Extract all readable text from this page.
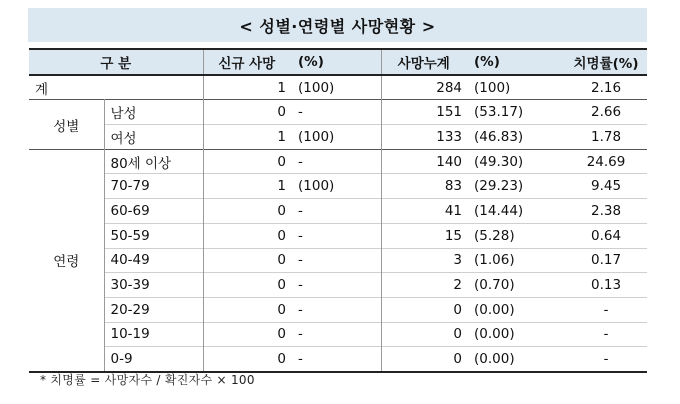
< 성별·연령별 사망현황 >
구 분		신규 사망	(%)	사망누계	(%)	치명률(%)
계		1	(100)	284	(100)	2.16
성별	남성	0	-	151	(53.17)	2.66
	여성	1	(100)	133	(46.83)	1.78
연령	80세 이상	0	-	140	(49.30)	24.69
	70-79	1	(100)	83	(29.23)	9.45
	60-69	0	-	41	(14.44)	2.38
	50-59	0	-	15	(5.28)	0.64
	40-49	0	-	3	(1.06)	0.17
	30-39	0	-	2	(0.70)	0.13
	20-29	0	-	0	(0.00)	-
	10-19	0	-	0	(0.00)	-
	0-9	0	-	0	(0.00)	-
* 치명률 = 사망자수 / 확진자수 × 100
